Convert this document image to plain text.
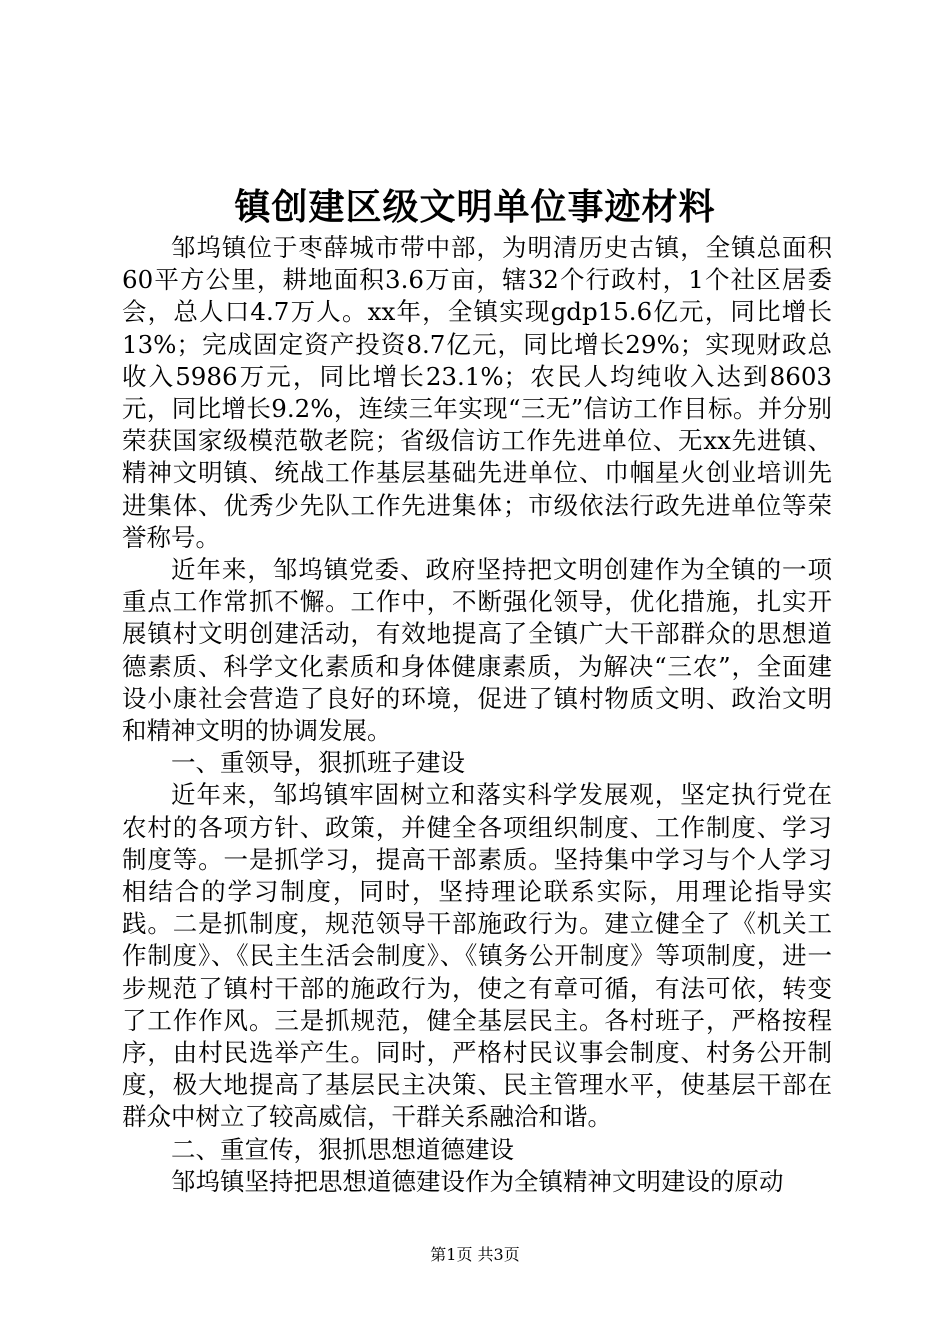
镇创建区级文明单位事迹材料

邹坞镇位于枣薛城市带中部，为明清历史古镇，全镇总面积60平方公里，耕地面积3.6万亩，辖32个行政村，1个社区居委会，总人口4.7万人。xx年，全镇实现gdp15.6亿元，同比增长13%；完成固定资产投资8.7亿元，同比增长29%；实现财政总收入5986万元，同比增长23.1%；农民人均纯收入达到8603元，同比增长9.2%，连续三年实现“三无”信访工作目标。并分别荣获国家级模范敬老院；省级信访工作先进单位、无xx先进镇、精神文明镇、统战工作基层基础先进单位、巾帼星火创业培训先进集体、优秀少先队工作先进集体；市级依法行政先进单位等荣誉称号。

近年来，邹坞镇党委、政府坚持把文明创建作为全镇的一项重点工作常抓不懈。工作中，不断强化领导，优化措施，扎实开展镇村文明创建活动，有效地提高了全镇广大干部群众的思想道德素质、科学文化素质和身体健康素质，为解决“三农”，全面建设小康社会营造了良好的环境，促进了镇村物质文明、政治文明和精神文明的协调发展。

一、重领导，狠抓班子建设

近年来，邹坞镇牢固树立和落实科学发展观，坚定执行党在农村的各项方针、政策，并健全各项组织制度、工作制度、学习制度等。一是抓学习，提高干部素质。坚持集中学习与个人学习相结合的学习制度，同时，坚持理论联系实际，用理论指导实践。二是抓制度，规范领导干部施政行为。建立健全了《机关工作制度》、《民主生活会制度》、《镇务公开制度》等项制度，进一步规范了镇村干部的施政行为，使之有章可循，有法可依，转变了工作作风。三是抓规范，健全基层民主。各村班子，严格按程序，由村民选举产生。同时，严格村民议事会制度、村务公开制度，极大地提高了基层民主决策、民主管理水平，使基层干部在群众中树立了较高威信，干群关系融洽和谐。

二、重宣传，狠抓思想道德建设

邹坞镇坚持把思想道德建设作为全镇精神文明建设的原动

第1页 共3页
